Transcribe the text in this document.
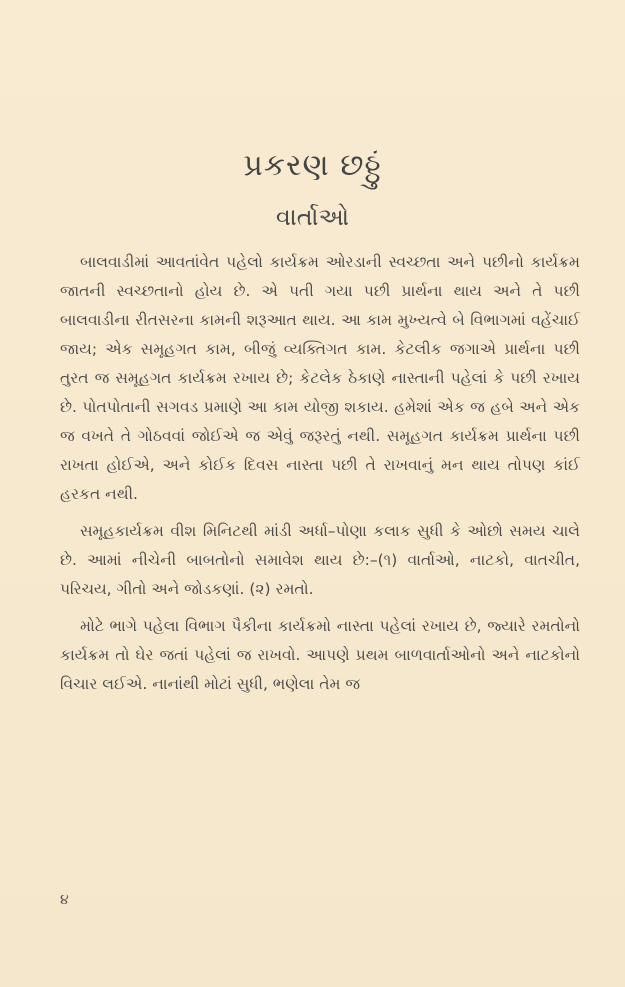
પ્રકરણ છઠ્ઠું
વાર્તાઓ

બાલવાડીમાં આવતાંવેત પહેલો કાર્યક્રમ ઓરડાની સ્વચ્છતા અને પછીનો કાર્યક્રમ જાતની સ્વચ્છતાનો હોય છે. એ પતી ગયા પછી પ્રાર્થના થાય અને તે પછી બાલવાડીના રીતસરના કામની શરૂઆત થાય. આ કામ મુખ્યત્વે બે વિભાગમાં વહેંચાઈ જાય; એક સમૂહગત કામ, બીજું વ્યક્તિગત કામ. કેટલીક જગાએ પ્રાર્થના પછી તુરત જ સમૂહગત કાર્યક્રમ રખાય છે; કેટલેક ઠેકાણે નાસ્તાની પહેલાં કે પછી રખાય છે. પોતપોતાની સગવડ પ્રમાણે આ કામ યોજી શકાય. હમેશાં એક જ હબે અને એક જ વખતે તે ગોઠવવાં જોઈએ જ એવું જરૂરતું નથી. સમૂહગત કાર્યક્રમ પ્રાર્થના પછી રાખતા હોઈએ, અને કોઈક દિવસ નાસ્તા પછી તે રાખવાનું મન થાય તોપણ કાંઈ હરકત નથી.

સમૂહકાર્યક્રમ વીશ મિનિટથી માંડી અર્ધા–પોણા કલાક સુધી કે ઓછો સમય ચાલે છે. આમાં નીચેની બાબતોનો સમાવેશ થાય છે:–(૧) વાર્તાઓ, નાટકો, વાતચીત, પરિચય, ગીતો અને જોડકણાં. (૨) રમતો.

મોટે ભાગે પહેલા વિભાગ પૈકીના કાર્યક્રમો નાસ્તા પહેલાં રખાય છે, જ્યારે રમતોનો કાર્યક્રમ તો ઘેર જતાં પહેલાં જ રાખવો. આપણે પ્રથમ બાળવાર્તાઓનો અને નાટકોનો વિચાર લઈએ. નાનાંથી મોટાં સુધી, ભણેલા તેમ જ

૪
